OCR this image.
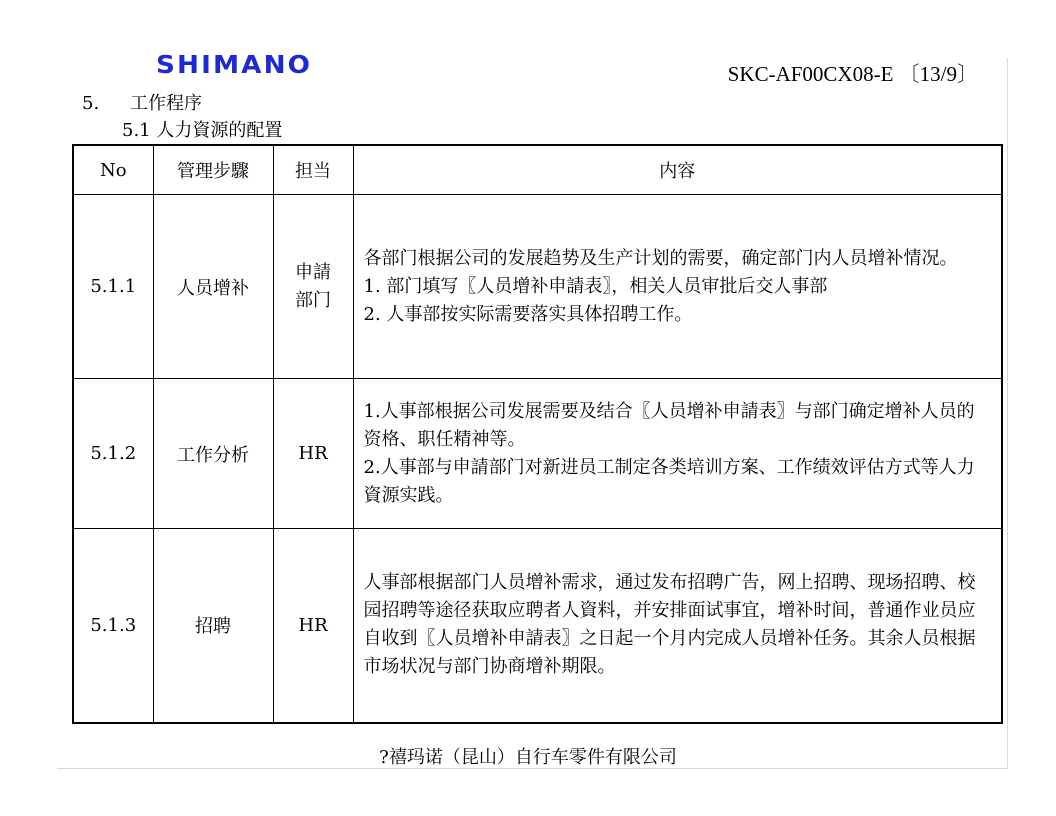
SHIMANO	SKC-AF00CX08-E 〔13/9〕
5. 工作程序
5.1 人力資源的配置
No	管理步驟	担当	内容
5.1.1	人员增补	申請部门	各部门根据公司的发展趋势及生产计划的需要，确定部门内人员增补情况。
1. 部门填写〖人员增补申請表〗，相关人员审批后交人事部
2. 人事部按实际需要落实具体招聘工作。

5.1.2	工作分析	HR	1.人事部根据公司发展需要及结合〖人员增补申請表〗与部门确定增补人员的资格、职任精神等。
2.人事部与申請部门对新进员工制定各类培训方案、工作绩效评估方式等人力資源实践。

5.1.3	招聘	HR	人事部根据部门人员增补需求，通过发布招聘广告，网上招聘、现场招聘、校园招聘等途径获取应聘者人資料，并安排面试事宜，增补时间，普通作业员应自收到〖人员增补申請表〗之日起一个月内完成人员增补任务。其余人员根据市场状况与部门协商增补期限。
?禧玛诺（昆山）自行车零件有限公司
